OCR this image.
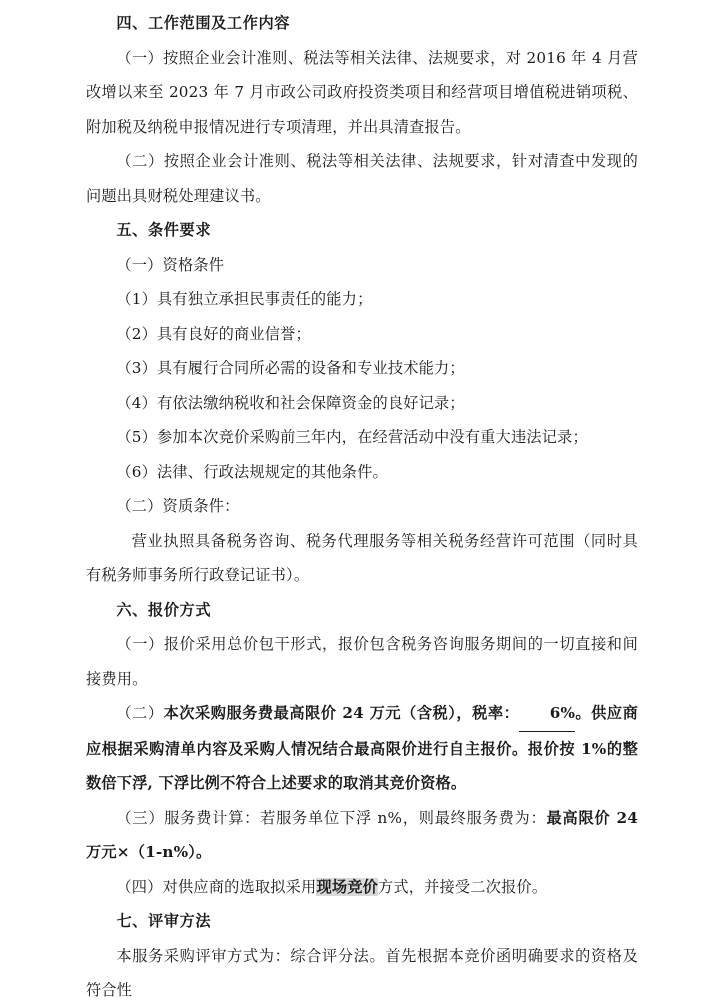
四、工作范围及工作内容

（一）按照企业会计准则、税法等相关法律、法规要求，对 2016 年 4 月营改增以来至 2023 年 7 月市政公司政府投资类项目和经营项目增值税进销项税、附加税及纳税申报情况进行专项清理，并出具清查报告。

（二）按照企业会计准则、税法等相关法律、法规要求，针对清查中发现的问题出具财税处理建议书。

五、条件要求

（一）资格条件

（1）具有独立承担民事责任的能力；

（2）具有良好的商业信誉；

（3）具有履行合同所必需的设备和专业技术能力；

（4）有依法缴纳税收和社会保障资金的良好记录；

（5）参加本次竞价采购前三年内，在经营活动中没有重大违法记录；

（6）法律、行政法规规定的其他条件。

（二）资质条件：

营业执照具备税务咨询、税务代理服务等相关税务经营许可范围（同时具有税务师事务所行政登记证书）。

六、报价方式

（一）报价采用总价包干形式，报价包含税务咨询服务期间的一切直接和间接费用。

（二）本次采购服务费最高限价 24 万元（含税），税率： 6%。供应商应根据采购清单内容及采购人情况结合最高限价进行自主报价。报价按 1%的整数倍下浮, 下浮比例不符合上述要求的取消其竞价资格。

（三）服务费计算：若服务单位下浮 n%，则最终服务费为：最高限价 24 万元×（1-n%）。

（四）对供应商的选取拟采用现场竞价方式，并接受二次报价。

七、评审方法

本服务采购评审方式为：综合评分法。首先根据本竞价函明确要求的资格及符合性
